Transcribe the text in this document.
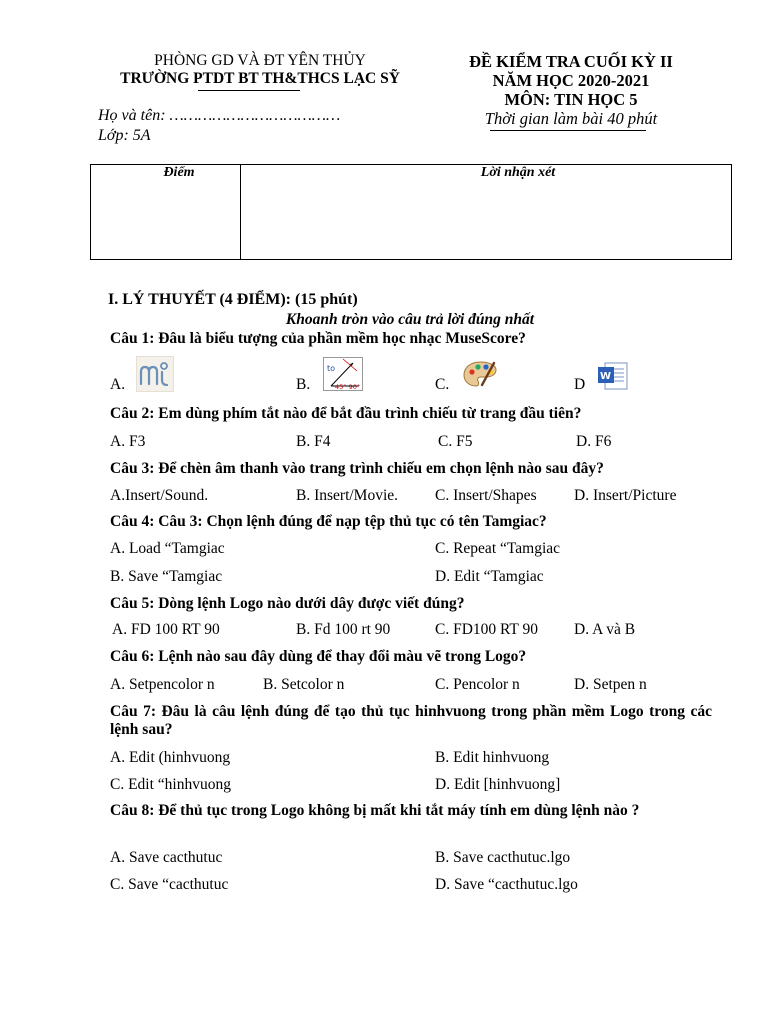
PHÒNG GD VÀ ĐT YÊN THỦY
TRƯỜNG PTDT BT TH&THCS LẠC SỸ
ĐỀ KIỂM TRA CUỐI KỲ II
NĂM HỌC 2020-2021
MÔN: TIN HỌC 5
Thời gian làm bài 40 phút
Họ và tên: ………………………………
Lớp: 5A
Điểm	Lời nhận xét
I. LÝ THUYẾT (4 ĐIỂM): (15 phút)
Khoanh tròn vào câu trả lời đúng nhất
Câu 1: Đâu là biểu tượng của phần mềm học nhạc MuseScore?
A.	B.
to
45° 90°	C.	D W
Câu 2: Em dùng phím tắt nào để bắt đầu trình chiếu từ trang đầu tiên?
A. F3	B. F4	C. F5	D. F6
Câu 3: Để chèn âm thanh vào trang trình chiếu em chọn lệnh nào sau đây?
A.Insert/Sound.	B. Insert/Movie. C. Insert/Shapes D. Insert/Picture
Câu 4: Câu 3: Chọn lệnh đúng để nạp tệp thủ tục có tên Tamgiac?
A. Load “Tamgiac	C. Repeat “Tamgiac
B. Save “Tamgiac	D. Edit “Tamgiac
Câu 5: Dòng lệnh Logo nào dưới dây được viết đúng?
A. FD 100 RT 90	B. Fd 100 rt 90	C. FD100 RT 90 D. A và B
Câu 6: Lệnh nào sau đây dùng để thay đổi màu vẽ trong Logo?
A. Setpencolor n	B. Setcolor n	C. Pencolor n	D. Setpen n
Câu 7: Đâu là câu lệnh đúng để tạo thủ tục hinhvuong trong phần mềm Logo trong các lệnh sau?
A. Edit (hinhvuong	B. Edit hinhvuong
C. Edit “hinhvuong	D. Edit [hinhvuong]
Câu 8: Để thủ tục trong Logo không bị mất khi tắt máy tính em dùng lệnh nào ?
A. Save cacthutuc	B. Save cacthutuc.lgo
C. Save “cacthutuc	D. Save “cacthutuc.lgo
